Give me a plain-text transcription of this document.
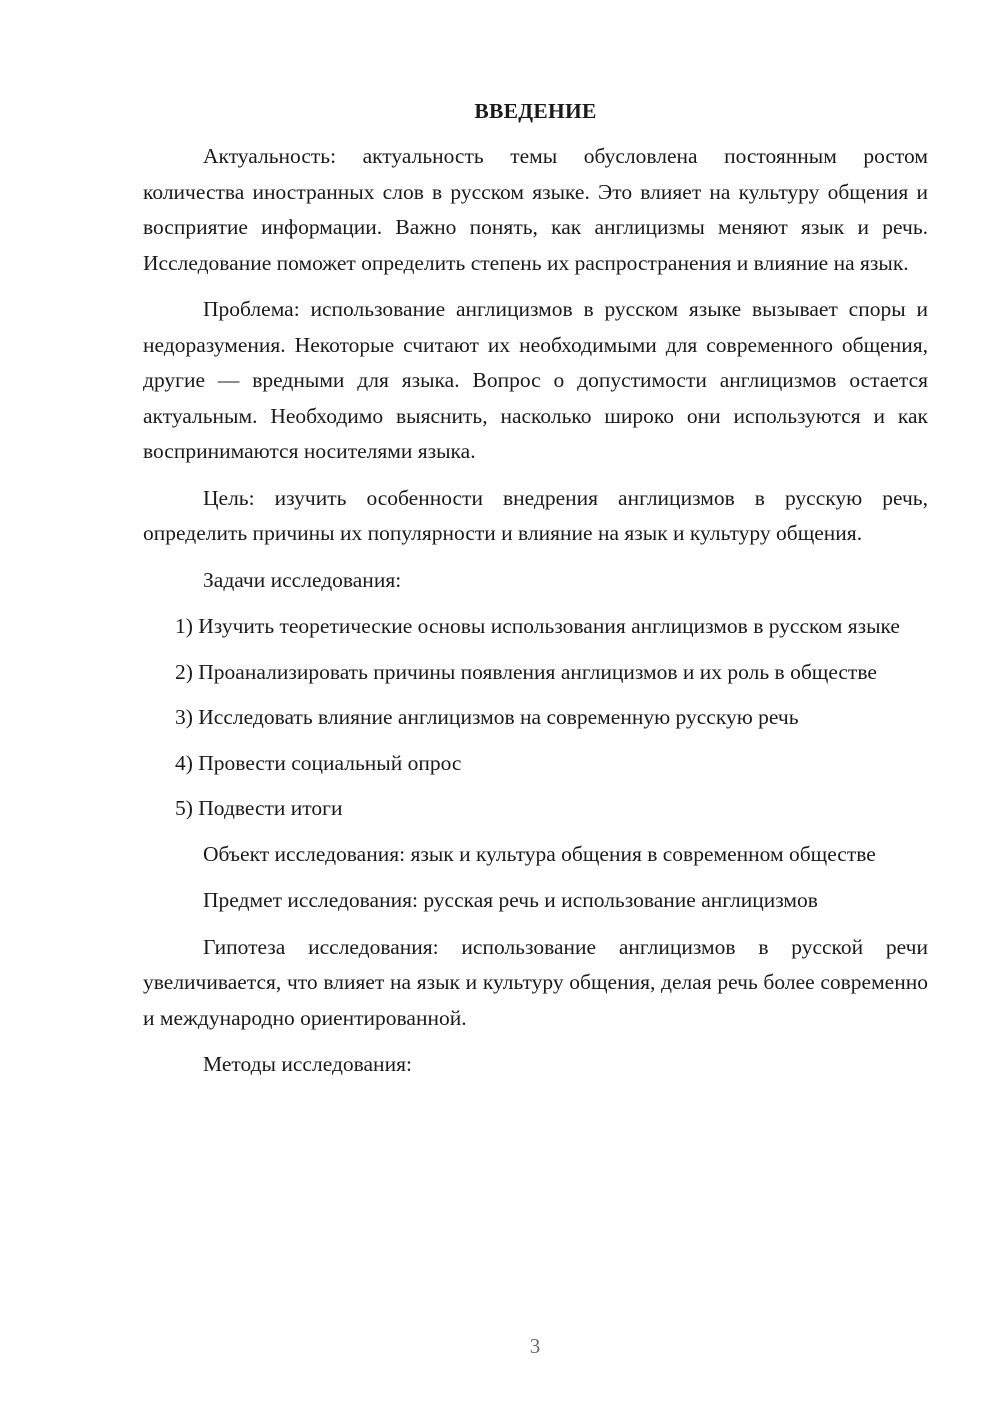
ВВЕДЕНИЕ

Актуальность: актуальность темы обусловлена постоянным ростом количества иностранных слов в русском языке. Это влияет на культуру общения и восприятие информации. Важно понять, как англицизмы меняют язык и речь. Исследование поможет определить степень их распространения и влияние на язык.

Проблема: использование англицизмов в русском языке вызывает споры и недоразумения. Некоторые считают их необходимыми для современного общения, другие — вредными для языка. Вопрос о допустимости англицизмов остается актуальным. Необходимо выяснить, насколько широко они используются и как воспринимаются носителями языка.

Цель: изучить особенности внедрения англицизмов в русскую речь, определить причины их популярности и влияние на язык и культуру общения.

Задачи исследования:

1) Изучить теоретические основы использования англицизмов в русском языке

2) Проанализировать причины появления англицизмов и их роль в обществе

3) Исследовать влияние англицизмов на современную русскую речь

4) Провести социальный опрос

5) Подвести итоги

Объект исследования: язык и культура общения в современном обществе

Предмет исследования: русская речь и использование англицизмов

Гипотеза исследования: использование англицизмов в русской речи увеличивается, что влияет на язык и культуру общения, делая речь более современно и международно ориентированной.

Методы исследования:

3
